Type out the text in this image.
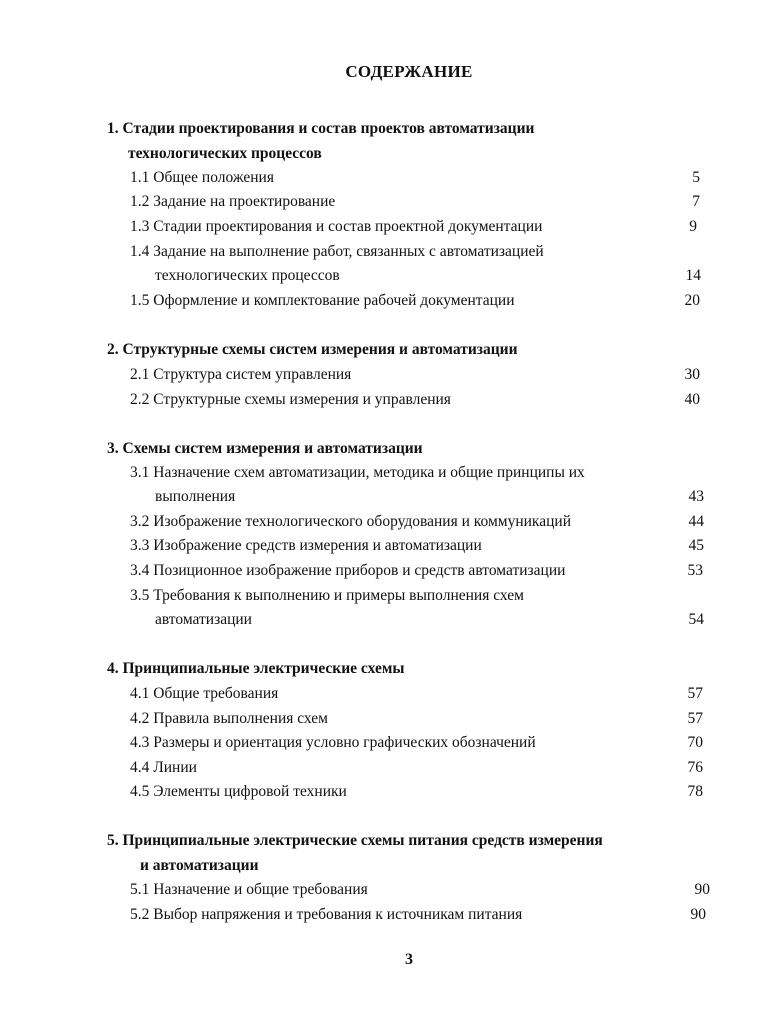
СОДЕРЖАНИЕ
1. Стадии проектирования и состав проектов автоматизации
технологических процессов
1.1 Общее положения	5
1.2 Задание на проектирование	7
1.3 Стадии проектирования и состав проектной документации	9
1.4 Задание на выполнение работ, связанных с автоматизацией
технологических процессов	14
1.5 Оформление и комплектование рабочей документации	20
2. Структурные схемы систем измерения и автоматизации
2.1 Структура систем управления	30
2.2 Структурные схемы измерения и управления	40
3. Схемы систем измерения и автоматизации
3.1 Назначение схем автоматизации, методика и общие принципы их
выполнения	43
3.2 Изображение технологического оборудования и коммуникаций	44
3.3 Изображение средств измерения и автоматизации	45
3.4 Позиционное изображение приборов и средств автоматизации	53
3.5 Требования к выполнению и примеры выполнения схем
автоматизации	54
4. Принципиальные электрические схемы
4.1 Общие требования	57
4.2 Правила выполнения схем	57
4.3 Размеры и ориентация условно графических обозначений	70
4.4 Линии	76
4.5 Элементы цифровой техники	78
5. Принципиальные электрические схемы питания средств измерения
и автоматизации
5.1 Назначение и общие требования	90
5.2 Выбор напряжения и требования к источникам питания	90
3
